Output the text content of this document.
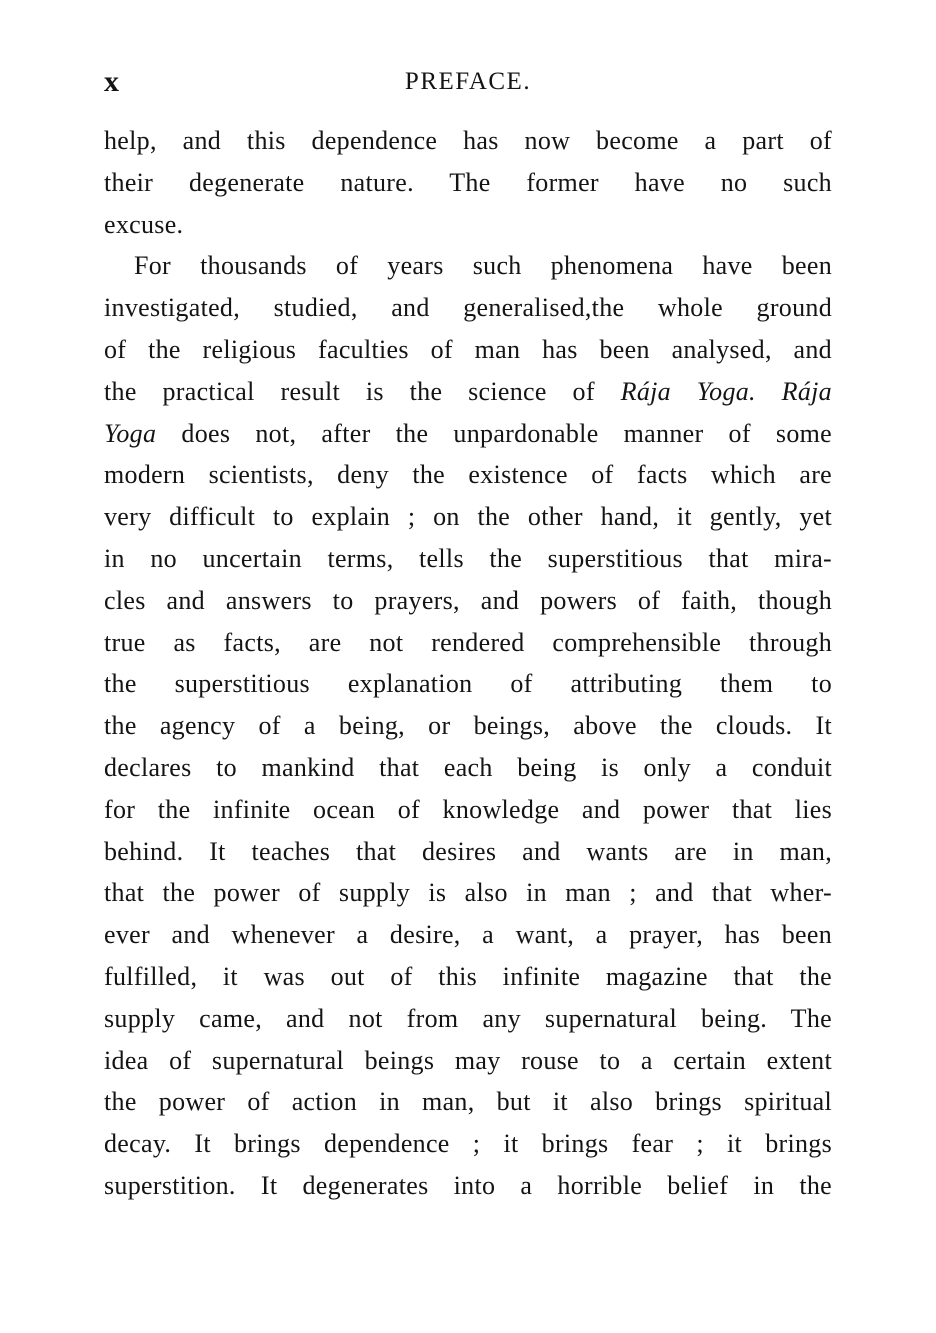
x	PREFACE.
help, and this dependence has now become a part of
their degenerate nature. The former have no such
excuse.
For thousands of years such phenomena have been
investigated, studied, and generalised,the whole ground
of the religious faculties of man has been analysed, and
the practical result is the science of Rája Yoga. Rája
Yoga does not, after the unpardonable manner of some
modern scientists, deny the existence of facts which are
very difficult to explain ; on the other hand, it gently, yet
in no uncertain terms, tells the superstitious that mira-
cles and answers to prayers, and powers of faith, though
true as facts, are not rendered comprehensible through
the superstitious explanation of attributing them to
the agency of a being, or beings, above the clouds. It
declares to mankind that each being is only a conduit
for the infinite ocean of knowledge and power that lies
behind. It teaches that desires and wants are in man,
that the power of supply is also in man ; and that wher-
ever and whenever a desire, a want, a prayer, has been
fulfilled, it was out of this infinite magazine that the
supply came, and not from any supernatural being. The
idea of supernatural beings may rouse to a certain extent
the power of action in man, but it also brings spiritual
decay. It brings dependence ; it brings fear ; it brings
superstition. It degenerates into a horrible belief in the
